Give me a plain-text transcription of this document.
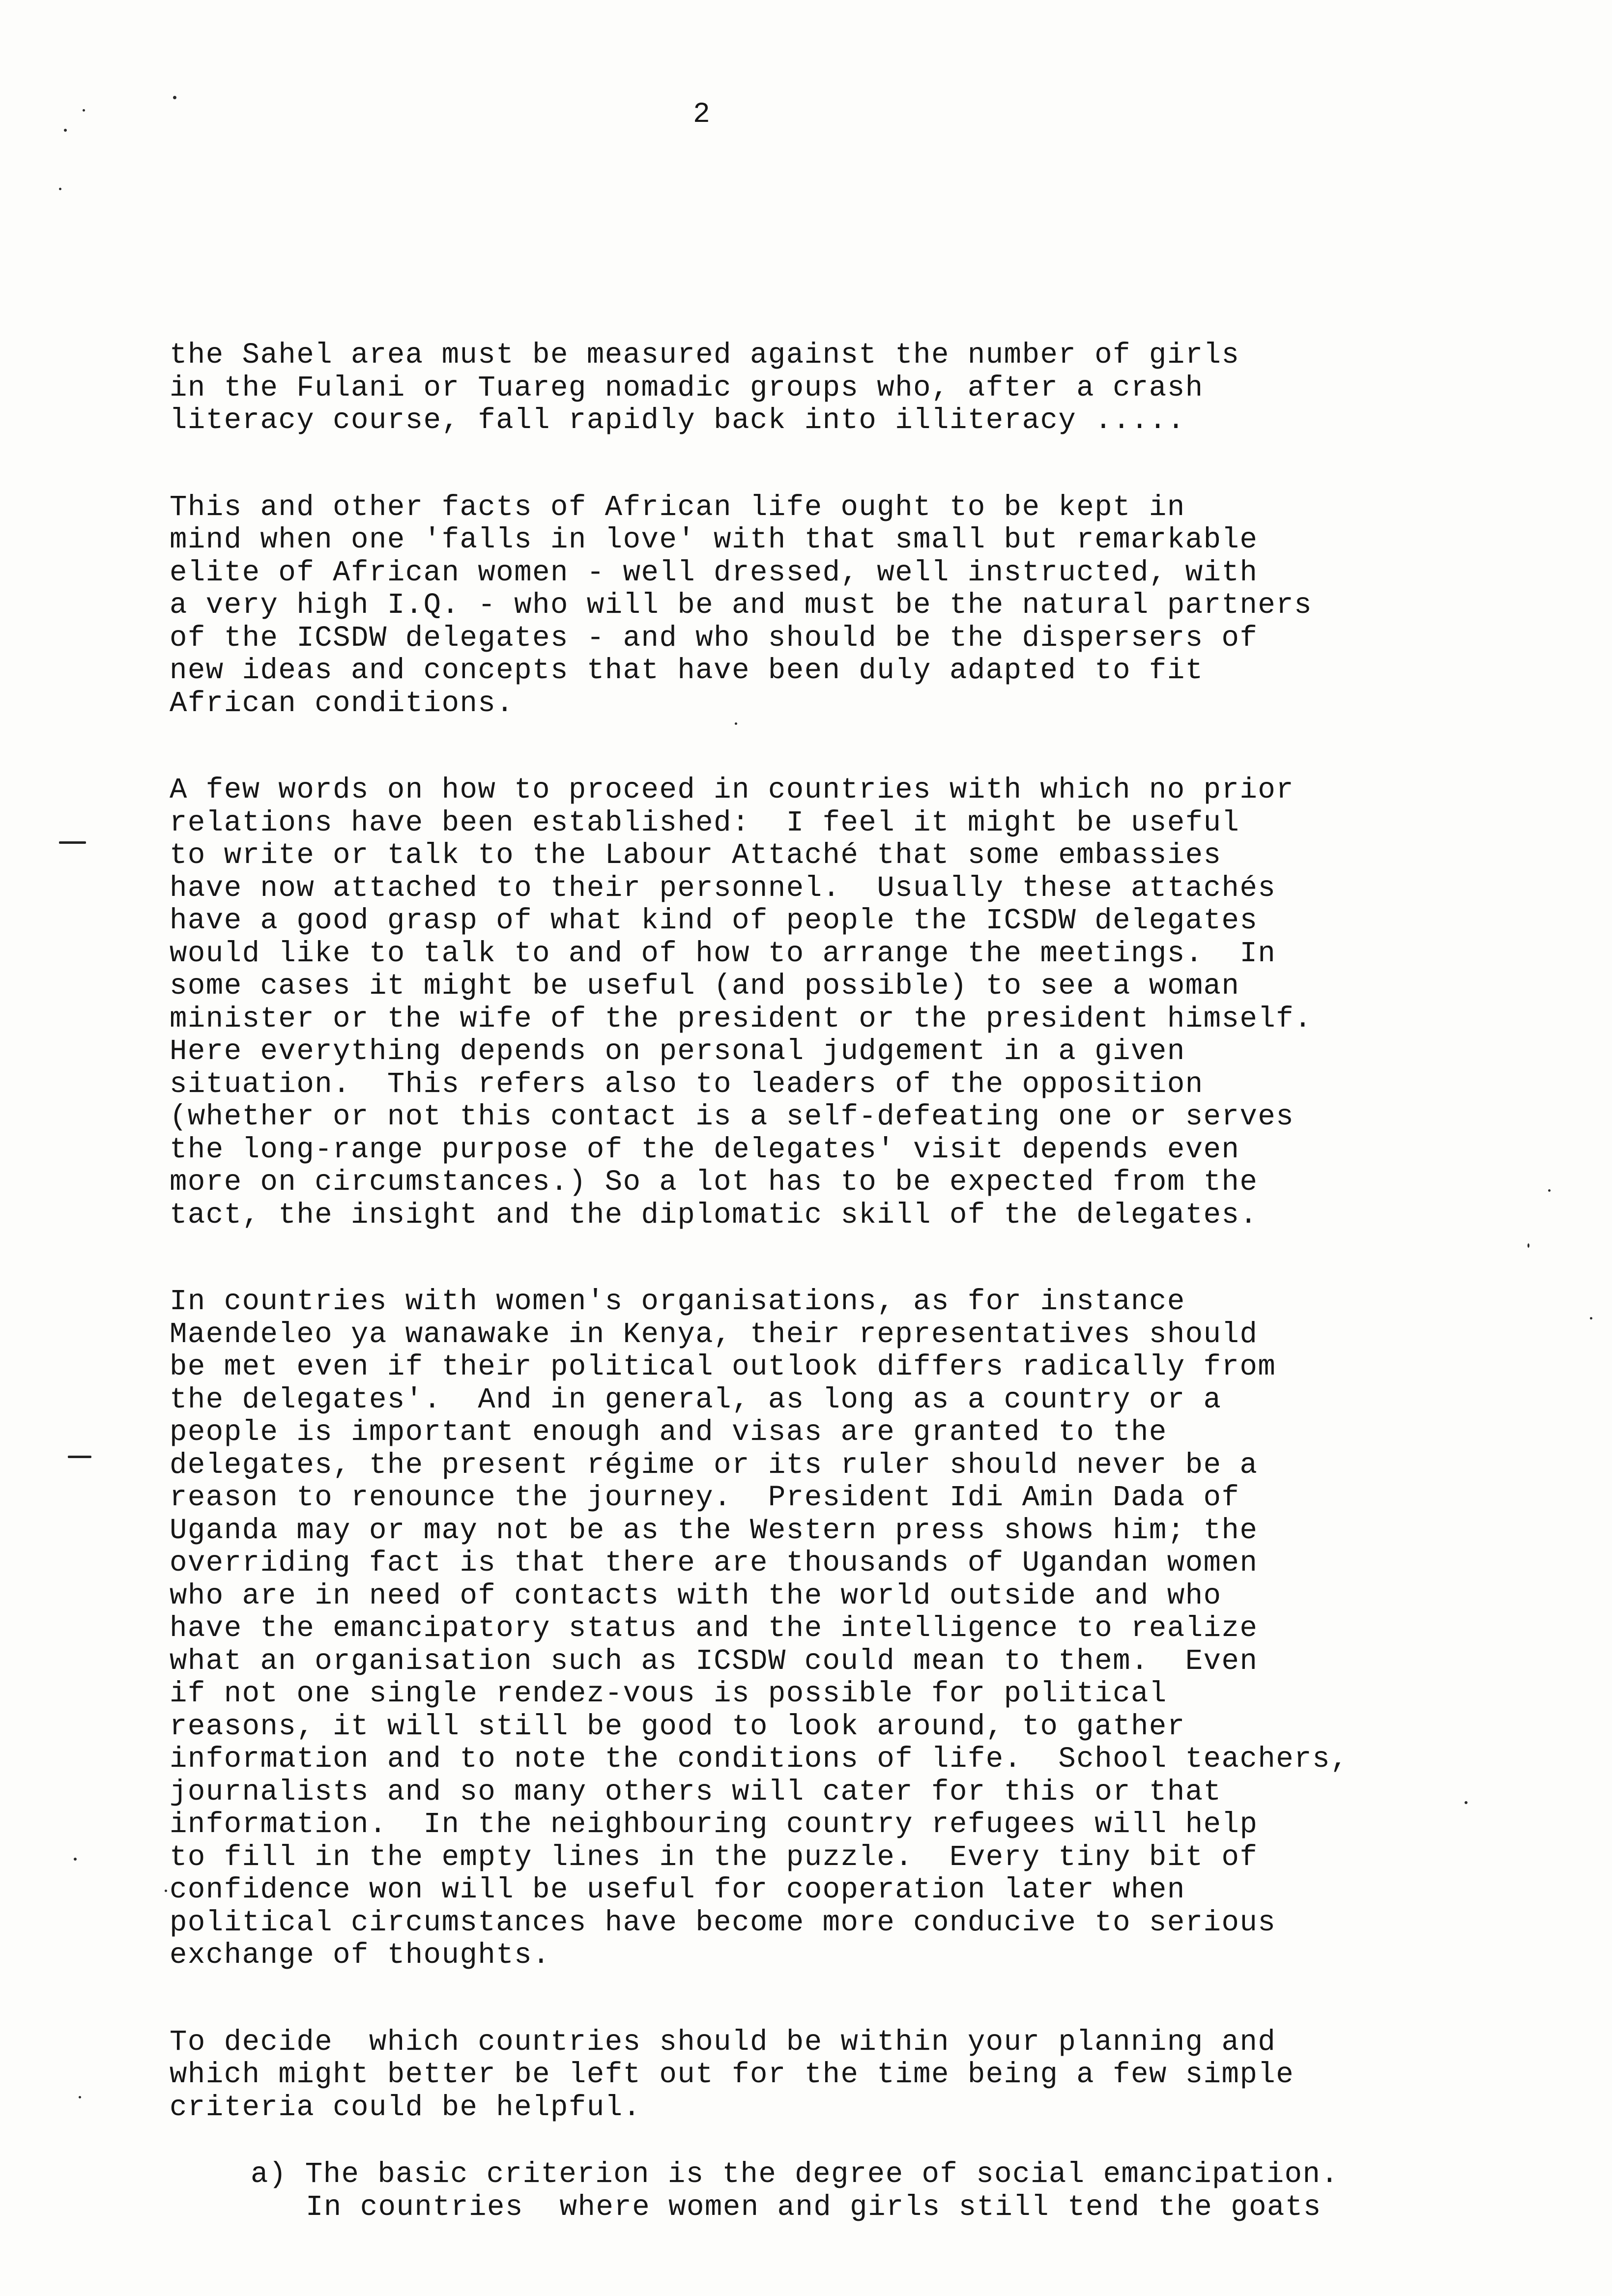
2
the Sahel area must be measured against the number of girls
in the Fulani or Tuareg nomadic groups who, after a crash
literacy course, fall rapidly back into illiteracy .....
This and other facts of African life ought to be kept in
mind when one 'falls in love' with that small but remarkable
elite of African women - well dressed, well instructed, with
a very high I.Q. - who will be and must be the natural partners
of the ICSDW delegates - and who should be the dispersers of
new ideas and concepts that have been duly adapted to fit
African conditions.
A few words on how to proceed in countries with which no prior
relations have been established:  I feel it might be useful
to write or talk to the Labour Attaché that some embassies
have now attached to their personnel.  Usually these attachés
have a good grasp of what kind of people the ICSDW delegates
would like to talk to and of how to arrange the meetings.  In
some cases it might be useful (and possible) to see a woman
minister or the wife of the president or the president himself.
Here everything depends on personal judgement in a given
situation.  This refers also to leaders of the opposition
(whether or not this contact is a self-defeating one or serves
the long-range purpose of the delegates' visit depends even
more on circumstances.) So a lot has to be expected from the
tact, the insight and the diplomatic skill of the delegates.
In countries with women's organisations, as for instance
Maendeleo ya wanawake in Kenya, their representatives should
be met even if their political outlook differs radically from
the delegates'.  And in general, as long as a country or a
people is important enough and visas are granted to the
delegates, the present régime or its ruler should never be a
reason to renounce the journey.  President Idi Amin Dada of
Uganda may or may not be as the Western press shows him; the
overriding fact is that there are thousands of Ugandan women
who are in need of contacts with the world outside and who
have the emancipatory status and the intelligence to realize
what an organisation such as ICSDW could mean to them.  Even
if not one single rendez-vous is possible for political
reasons, it will still be good to look around, to gather
information and to note the conditions of life.  School teachers,
journalists and so many others will cater for this or that
information.  In the neighbouring country refugees will help
to fill in the empty lines in the puzzle.  Every tiny bit of
confidence won will be useful for cooperation later when
political circumstances have become more conducive to serious
exchange of thoughts.
To decide  which countries should be within your planning and
which might better be left out for the time being a few simple
criteria could be helpful.
a) The basic criterion is the degree of social emancipation.
In countries  where women and girls still tend the goats
